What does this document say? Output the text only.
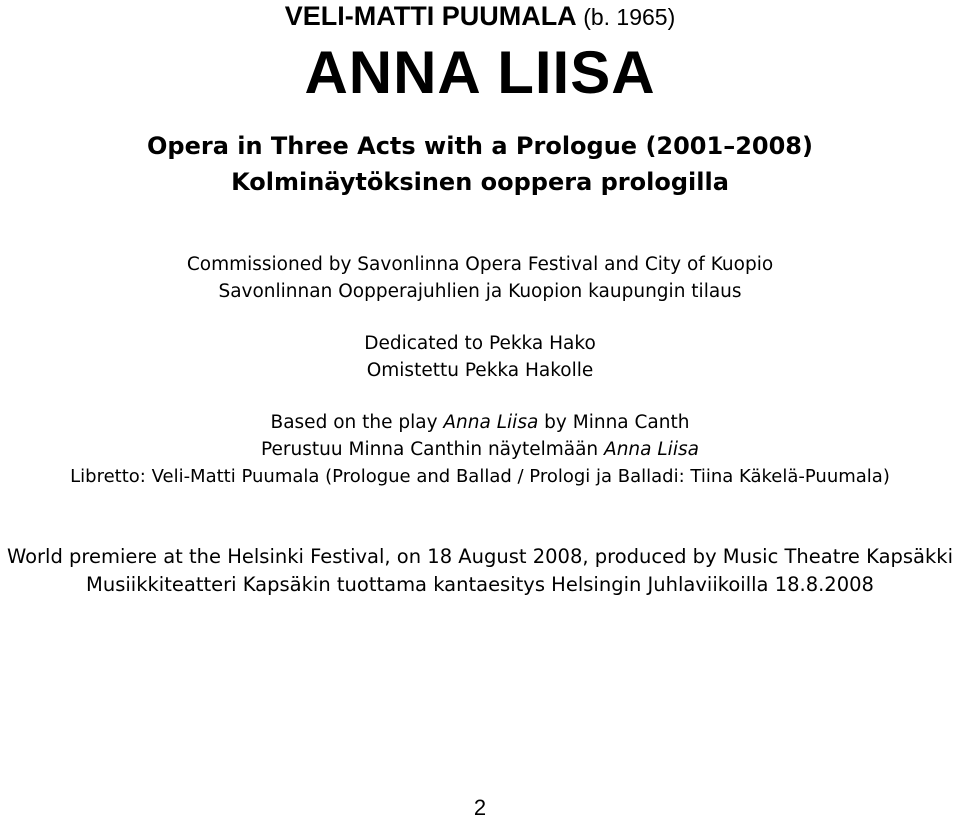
VELI-MATTI PUUMALA (b. 1965)
ANNA LIISA
Opera in Three Acts with a Prologue (2001–2008)
Kolminäytöksinen ooppera prologilla
Commissioned by Savonlinna Opera Festival and City of Kuopio
Savonlinnan Oopperajuhlien ja Kuopion kaupungin tilaus
Dedicated to Pekka Hako
Omistettu Pekka Hakolle
Based on the play Anna Liisa by Minna Canth
Perustuu Minna Canthin näytelmään Anna Liisa
Libretto: Veli-Matti Puumala (Prologue and Ballad / Prologi ja Balladi: Tiina Käkelä-Puumala)
World premiere at the Helsinki Festival, on 18 August 2008, produced by Music Theatre Kapsäkki
Musiikkiteatteri Kapsäkin tuottama kantaesitys Helsingin Juhlaviikoilla 18.8.2008
2
